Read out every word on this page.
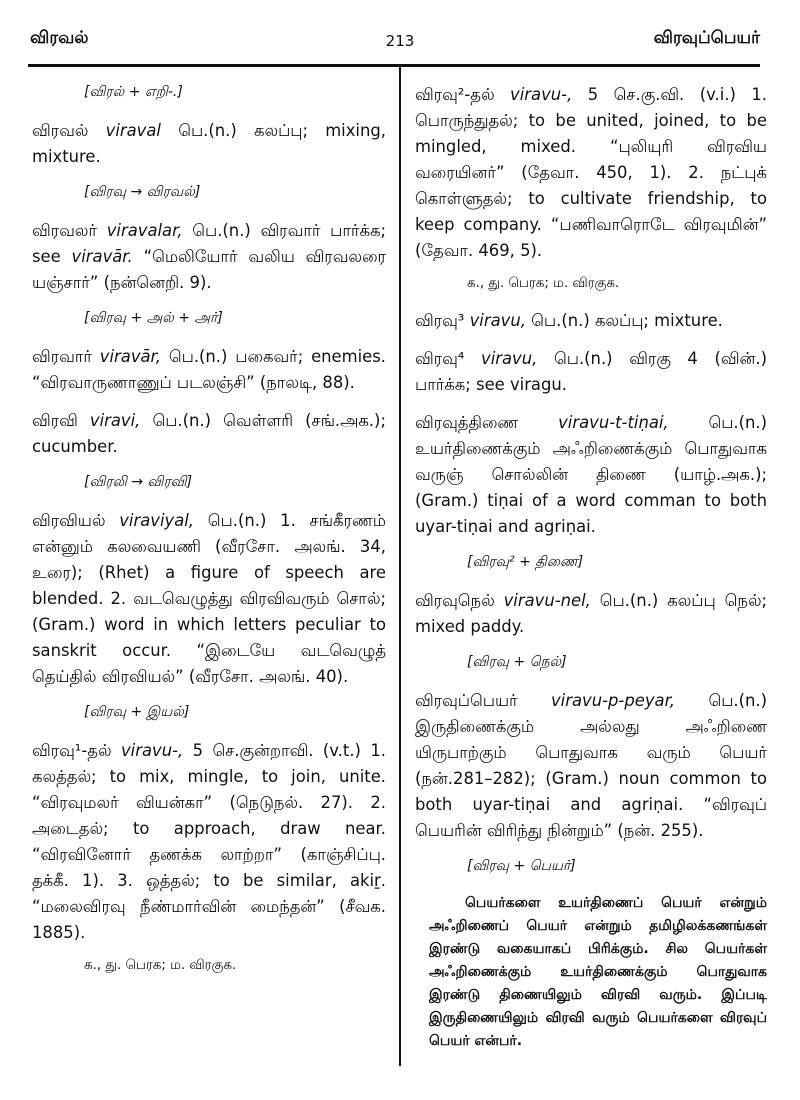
விரவல்	213	விரவுப்பெயர்

[விரல் + எறி-.]

விரவல் viraval பெ.(n.) கலப்பு; mixing, mixture.

[விரவு → விரவல்]

விரவலர் viravalar, பெ.(n.) விரவார் பார்க்க; see viravār. “மெலியோர் வலிய விரவலரை யஞ்சார்” (நன்னெறி. 9).

[விரவு + அல் + அர்]

விரவார் viravār, பெ.(n.) பகைவர்; enemies. “விரவாருணாணுப் படலஞ்சி” (நாலடி, 88).
விரவி viravi, பெ.(n.) வெள்ளரி (சங்.அக.); cucumber.

[விரலி → விரவி]

விரவியல் viraviyal, பெ.(n.) 1. சங்கீரணம் என்னும் கலவையணி (வீரசோ. அலங். 34, உரை); (Rhet) a figure of speech are blended. 2. வடவெழுத்து விரவிவரும் சொல்; (Gram.) word in which letters peculiar to sanskrit occur. “இடையே வடவெழுத் தெய்தில் விரவியல்” (வீரசோ. அலங். 40).

[விரவு + இயல்]

விரவு¹-தல் viravu-, 5 செ.குன்றாவி. (v.t.) 1. கலத்தல்; to mix, mingle, to join, unite. “விரவுமலர் வியன்கா” (நெடுநல். 27). 2. அடைதல்; to approach, draw near. “விரவினோர் தணக்க லாற்றா” (காஞ்சிப்பு. தக்கீ. 1). 3. ஒத்தல்; to be similar, akiṟ. “மலைவிரவு நீண்மார்வின் மைந்தன்” (சீவக. 1885).

க., து. பெரக; ம. விரகுக.

விரவு²-தல் viravu-, 5 செ.கு.வி. (v.i.) 1. பொருந்துதல்; to be united, joined, to be mingled, mixed. “புலியுரி விரவிய வரையினர்” (தேவா. 450, 1). 2. நட்புக் கொள்ளுதல்; to cultivate friendship, to keep company. “பணிவாரொடே விரவுமின்” (தேவா. 469, 5).

க., து. பெரக; ம. விரகுக.

விரவு³ viravu, பெ.(n.) கலப்பு; mixture.
விரவு⁴ viravu, பெ.(n.) விரகு 4 (வின்.) பார்க்க; see viragu.
விரவுத்திணை viravu-t-tiṇai, பெ.(n.) உயர்திணைக்கும் அஃறிணைக்கும் பொதுவாக வருஞ் சொல்லின் திணை (யாழ்.அக.); (Gram.) tiṇai of a word comman to both uyar-tiṇai and agriṇai.

[விரவு² + திணை]

விரவுநெல் viravu-nel, பெ.(n.) கலப்பு நெல்; mixed paddy.

[விரவு + நெல்]

விரவுப்பெயர் viravu-p-peyar, பெ.(n.) இருதிணைக்கும் அல்லது அஃறிணை யிருபாற்கும் பொதுவாக வரும் பெயர் (நன்.281–282); (Gram.) noun common to both uyar-tiṇai and agriṇai. “விரவுப் பெயரின் விரிந்து நின்றும்” (நன். 255).

[விரவு + பெயர்]

பெயர்களை உயர்திணைப் பெயர் என்றும் அஃறிணைப் பெயர் என்றும் தமிழிலக்கணங்கள் இரண்டு வகையாகப் பிரிக்கும். சில பெயர்கள் அஃறிணைக்கும் உயர்திணைக்கும் பொதுவாக இரண்டு திணையிலும் விரவி வரும். இப்படி இருதிணையிலும் விரவி வரும் பெயர்களை விரவுப் பெயர் என்பர்.
